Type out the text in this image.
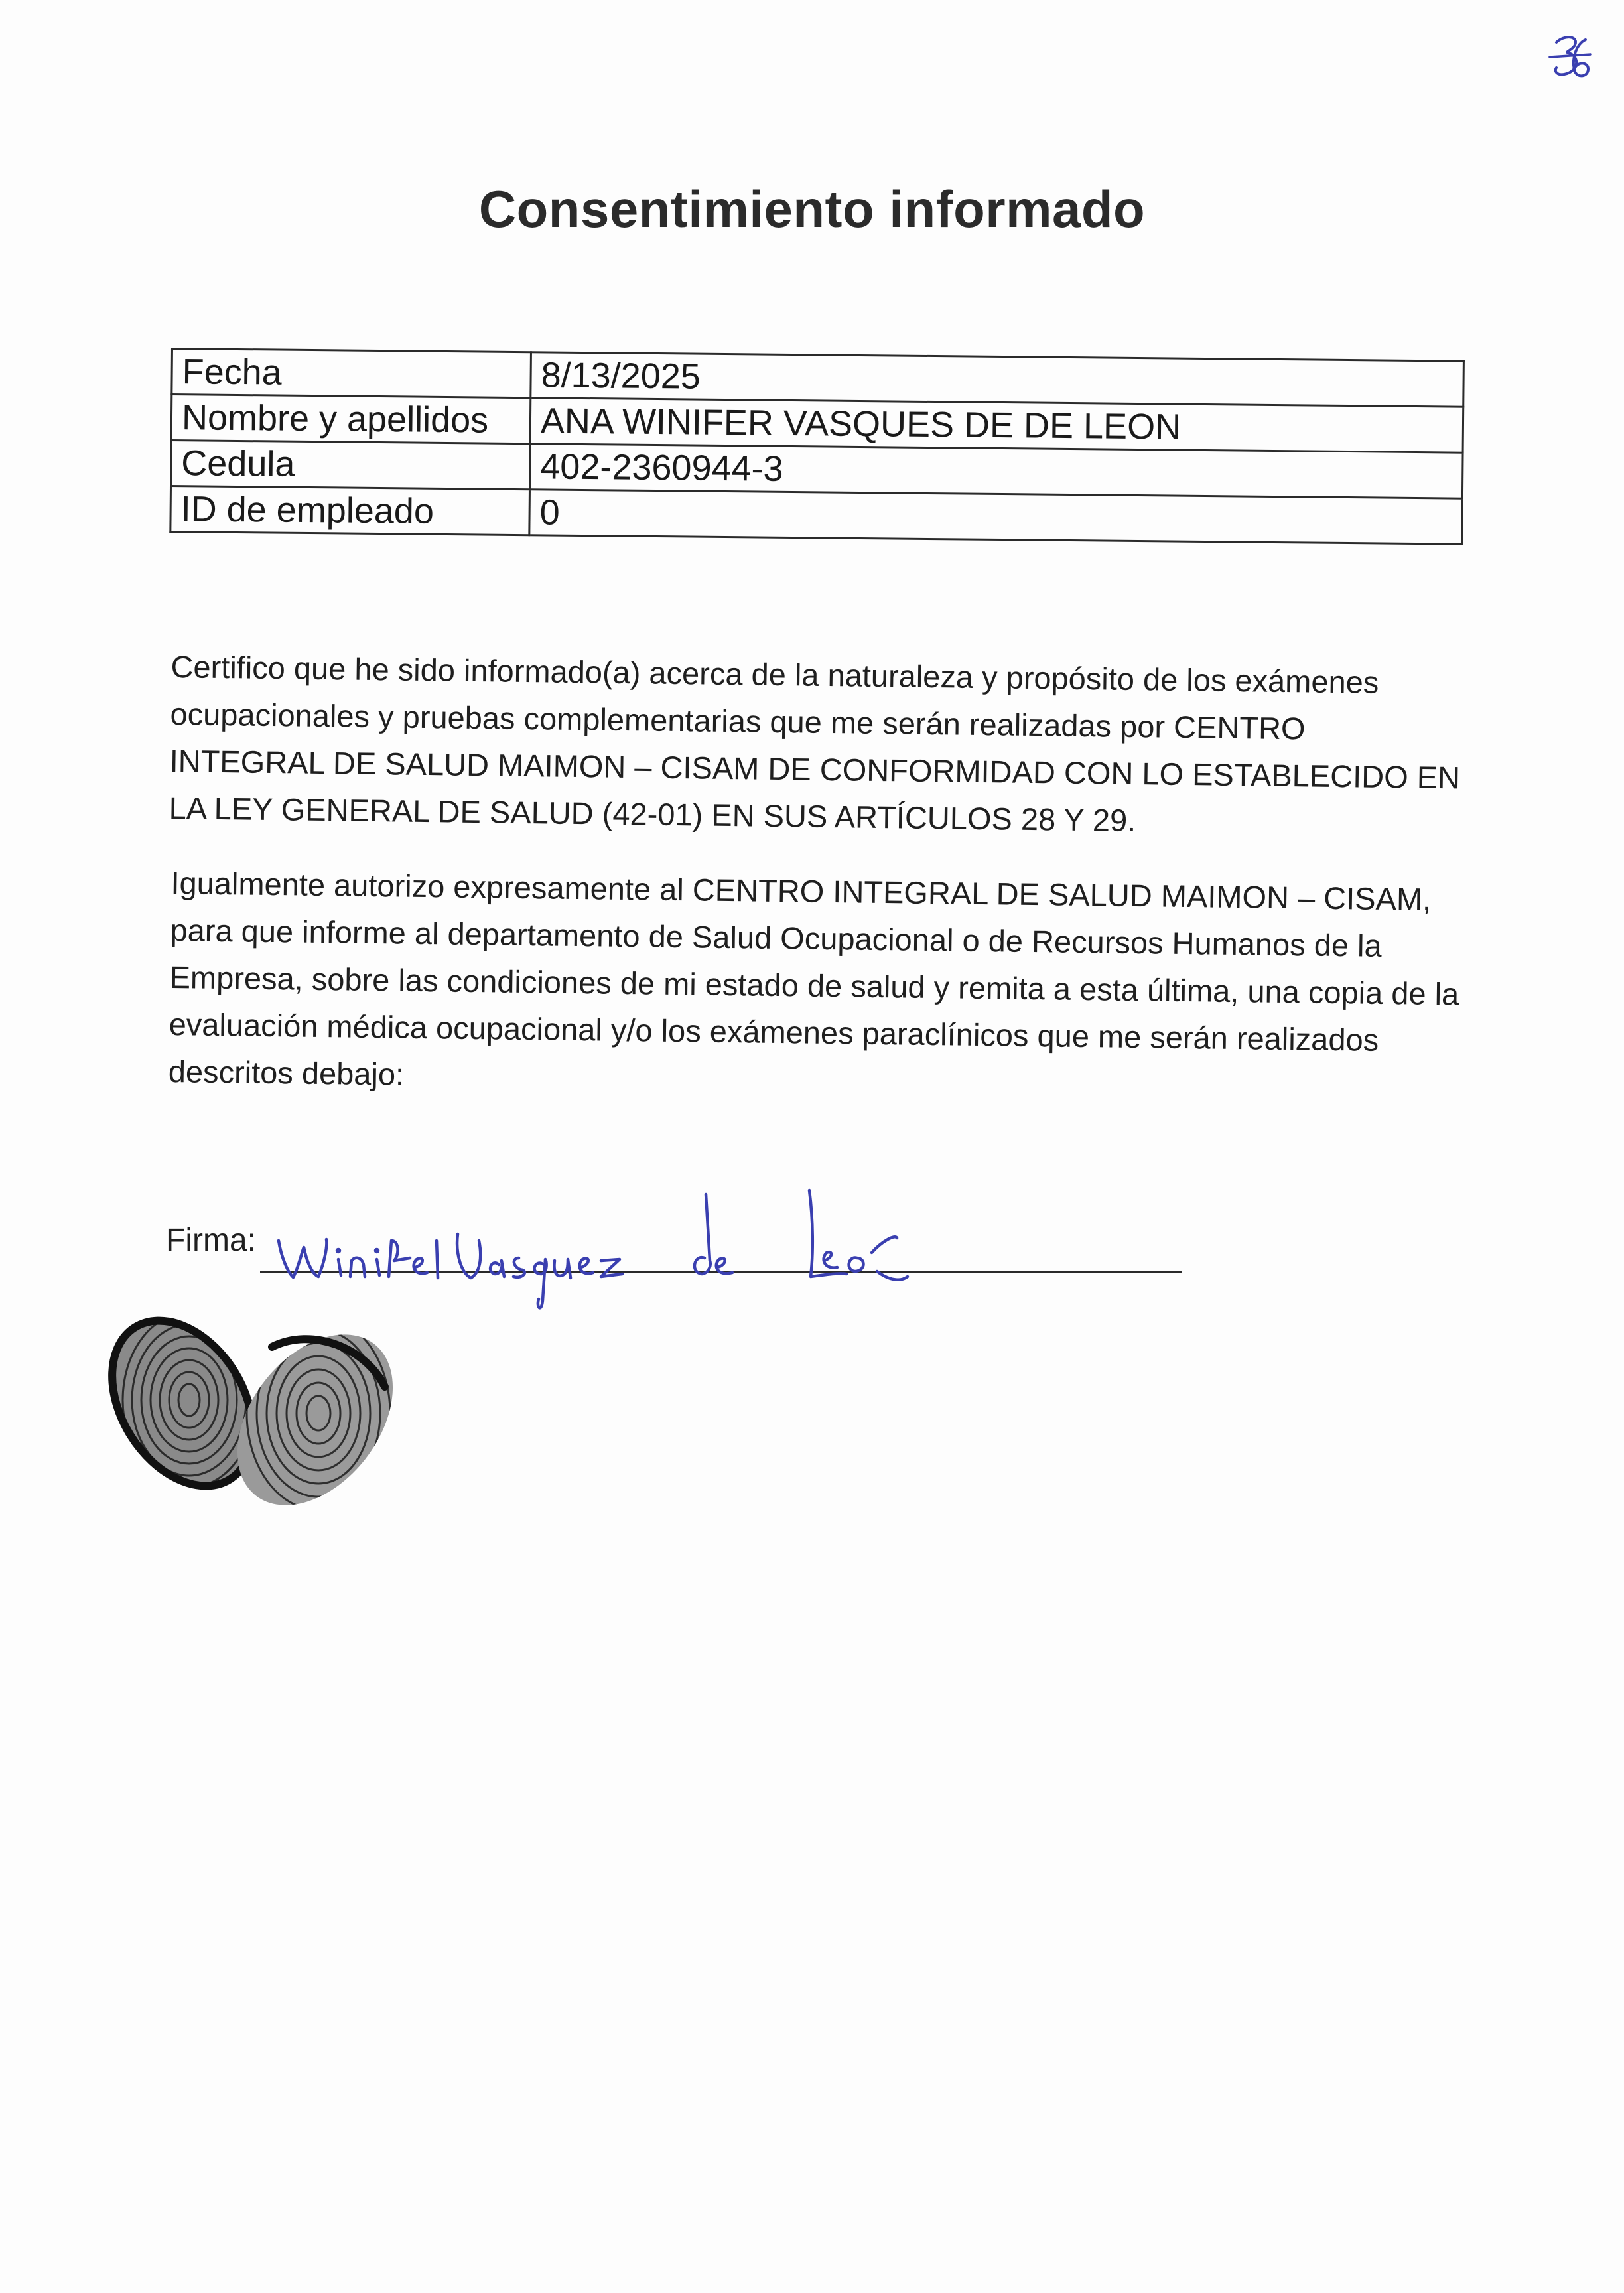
Consentimiento informado
Fecha	8/13/2025
Nombre y apellidos	ANA WINIFER VASQUES DE DE LEON
Cedula	402-2360944-3
ID de empleado	0

Certifico que he sido informado(a) acerca de la naturaleza y propósito de los exámenes ocupacionales y pruebas complementarias que me serán realizadas por CENTRO INTEGRAL DE SALUD MAIMON – CISAM DE CONFORMIDAD CON LO ESTABLECIDO EN LA LEY GENERAL DE SALUD (42-01) EN SUS ARTÍCULOS 28 Y 29.

Igualmente autorizo expresamente al CENTRO INTEGRAL DE SALUD MAIMON – CISAM, para que informe al departamento de Salud Ocupacional o de Recursos Humanos de la Empresa, sobre las condiciones de mi estado de salud y remita a esta última, una copia de la evaluación médica ocupacional y/o los exámenes paraclínicos que me serán realizados descritos debajo:

Firma:
